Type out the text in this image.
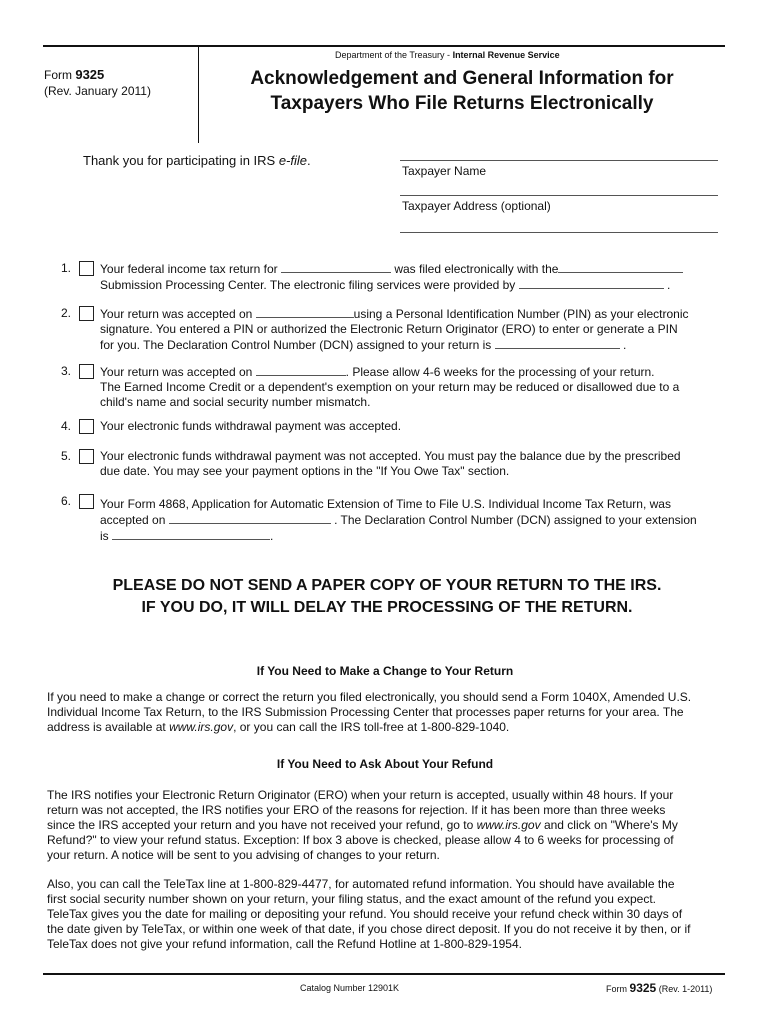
Department of the Treasury - Internal Revenue Service
Form 9325
(Rev. January 2011)
Acknowledgement and General Information for
Taxpayers Who File Returns Electronically
Thank you for participating in IRS e-file.
Taxpayer Name
Taxpayer Address (optional)
1. Your federal income tax return for	was filed electronically with the
Submission Processing Center. The electronic filing services were provided by	.
2. Your return was accepted on	using a Personal Identification Number (PIN) as your electronic
signature. You entered a PIN or authorized the Electronic Return Originator (ERO) to enter or generate a PIN
for you. The Declaration Control Number (DCN) assigned to your return is	.
3. Your return was accepted on	. Please allow 4-6 weeks for the processing of your return.
The Earned Income Credit or a dependent's exemption on your return may be reduced or disallowed due to a
child's name and social security number mismatch.
4. Your electronic funds withdrawal payment was accepted.
5. Your electronic funds withdrawal payment was not accepted. You must pay the balance due by the prescribed
due date. You may see your payment options in the "If You Owe Tax" section.
6. Your Form 4868, Application for Automatic Extension of Time to File U.S. Individual Income Tax Return, was
accepted on	. The Declaration Control Number (DCN) assigned to your extension
is	.
PLEASE DO NOT SEND A PAPER COPY OF YOUR RETURN TO THE IRS.
IF YOU DO, IT WILL DELAY THE PROCESSING OF THE RETURN.
If You Need to Make a Change to Your Return
If you need to make a change or correct the return you filed electronically, you should send a Form 1040X, Amended U.S.
Individual Income Tax Return, to the IRS Submission Processing Center that processes paper returns for your area. The
address is available at www.irs.gov, or you can call the IRS toll-free at 1-800-829-1040.
If You Need to Ask About Your Refund
The IRS notifies your Electronic Return Originator (ERO) when your return is accepted, usually within 48 hours. If your
return was not accepted, the IRS notifies your ERO of the reasons for rejection. If it has been more than three weeks
since the IRS accepted your return and you have not received your refund, go to www.irs.gov and click on "Where's My
Refund?" to view your refund status. Exception: If box 3 above is checked, please allow 4 to 6 weeks for processing of
your return. A notice will be sent to you advising of changes to your return.
Also, you can call the TeleTax line at 1-800-829-4477, for automated refund information. You should have available the
first social security number shown on your return, your filing status, and the exact amount of the refund you expect.
TeleTax gives you the date for mailing or depositing your refund. You should receive your refund check within 30 days of
the date given by TeleTax, or within one week of that date, if you chose direct deposit. If you do not receive it by then, or if
TeleTax does not give your refund information, call the Refund Hotline at 1-800-829-1954.
Catalog Number 12901K	Form 9325 (Rev. 1-2011)
